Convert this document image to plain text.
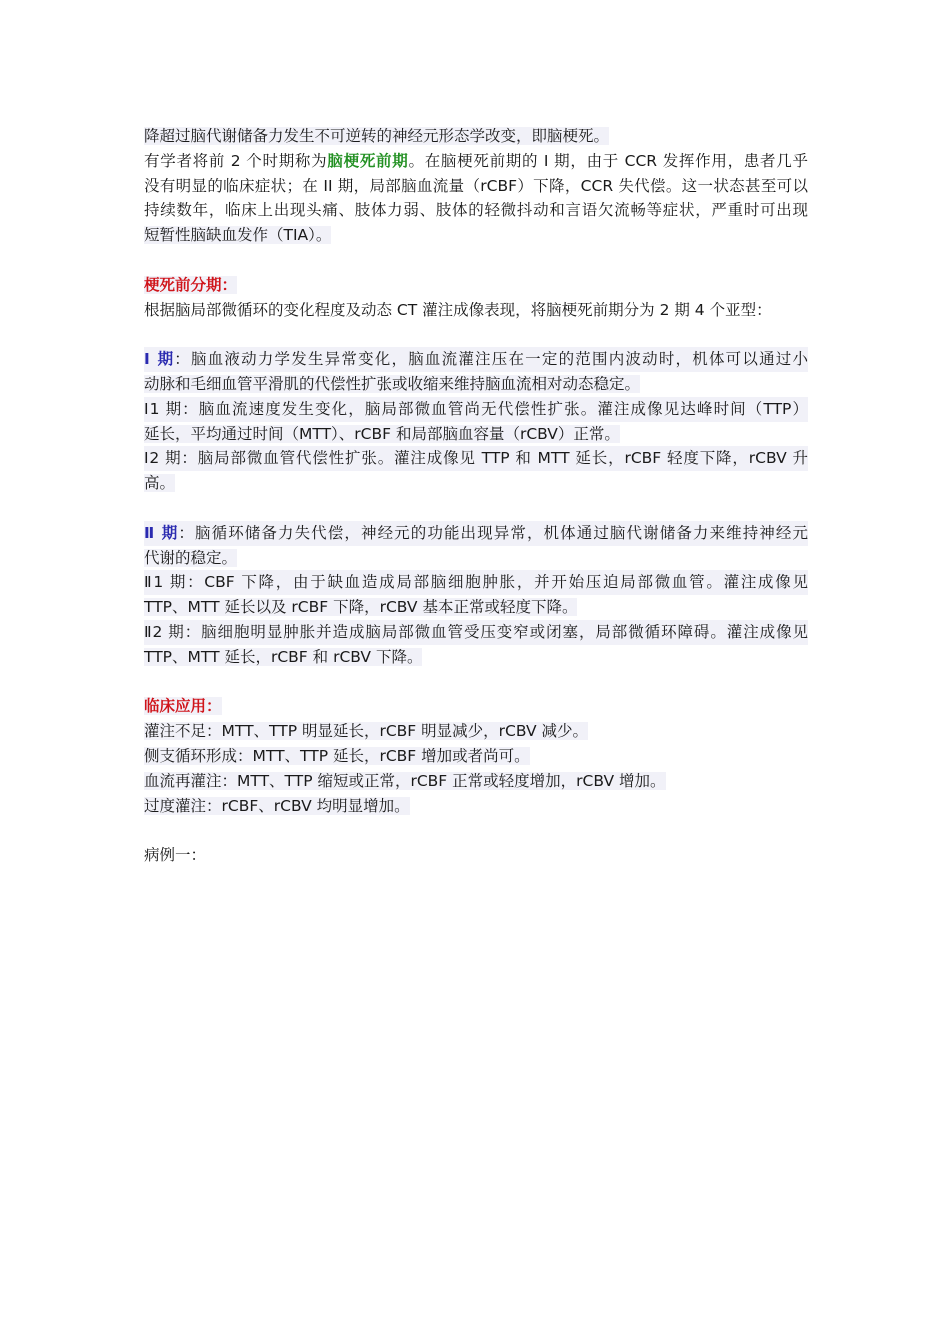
降超过脑代谢储备力发生不可逆转的神经元形态学改变，即脑梗死。
有学者将前 2 个时期称为脑梗死前期。在脑梗死前期的 I 期，由于 CCR 发挥作用，患者几乎
没有明显的临床症状；在 II 期，局部脑血流量（rCBF）下降，CCR 失代偿。这一状态甚至可以
持续数年，临床上出现头痛、肢体力弱、肢体的轻微抖动和言语欠流畅等症状，严重时可出现
短暂性脑缺血发作（TIA）。
梗死前分期：
根据脑局部微循环的变化程度及动态 CT 灌注成像表现，将脑梗死前期分为 2 期 4 个亚型：
Ⅰ 期：脑血液动力学发生异常变化，脑血流灌注压在一定的范围内波动时，机体可以通过小
动脉和毛细血管平滑肌的代偿性扩张或收缩来维持脑血流相对动态稳定。
Ⅰ1 期：脑血流速度发生变化，脑局部微血管尚无代偿性扩张。灌注成像见达峰时间（TTP）
延长，平均通过时间（MTT）、rCBF 和局部脑血容量（rCBV）正常。
Ⅰ2 期：脑局部微血管代偿性扩张。灌注成像见 TTP 和 MTT 延长，rCBF 轻度下降，rCBV 升
高。
Ⅱ 期：脑循环储备力失代偿，神经元的功能出现异常，机体通过脑代谢储备力来维持神经元
代谢的稳定。
Ⅱ1 期：CBF 下降，由于缺血造成局部脑细胞肿胀，并开始压迫局部微血管。灌注成像见
TTP、MTT 延长以及 rCBF 下降，rCBV 基本正常或轻度下降。
Ⅱ2 期：脑细胞明显肿胀并造成脑局部微血管受压变窄或闭塞，局部微循环障碍。灌注成像见
TTP、MTT 延长，rCBF 和 rCBV 下降。
临床应用：
灌注不足：MTT、TTP 明显延长，rCBF 明显减少，rCBV 减少。
侧支循环形成：MTT、TTP 延长，rCBF 增加或者尚可。
血流再灌注：MTT、TTP 缩短或正常，rCBF 正常或轻度增加，rCBV 增加。
过度灌注：rCBF、rCBV 均明显增加。
病例一：
